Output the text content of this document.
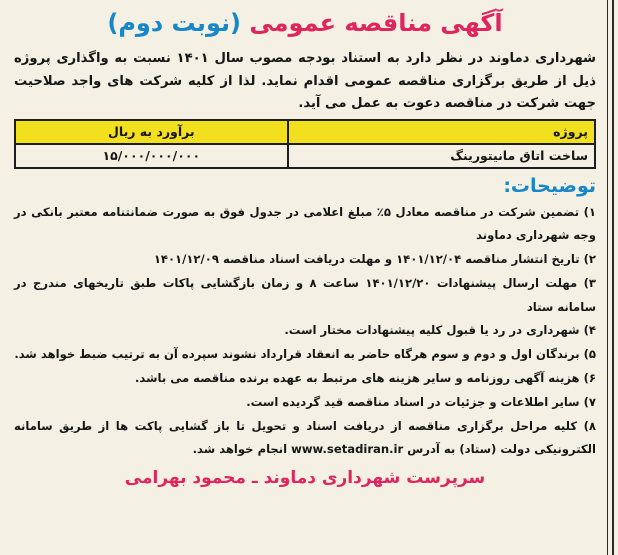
آگهی مناقصه عمومی (نوبت دوم)

شهرداری دماوند در نظر دارد به استناد بودجه مصوب سال ۱۴۰۱ نسبت به واگذاری پروژه ذیل از طریق برگزاری مناقصه عمومی اقدام نماید. لذا از کلیه شرکت های واجد صلاحیت جهت شرکت در مناقصه دعوت به عمل می آید.

پروژه	برآورد به ریال
ساخت اتاق مانیتورینگ	۱۵/۰۰۰/۰۰۰/۰۰۰
توضیحات:
۱) تضمین شرکت در مناقصه معادل ۵٪ مبلغ اعلامی در جدول فوق به صورت ضمانتنامه معتبر بانکی در وجه شهرداری دماوند
۲) تاریخ انتشار مناقصه ۱۴۰۱/۱۲/۰۴ و مهلت دریافت اسناد مناقصه ۱۴۰۱/۱۲/۰۹
۳) مهلت ارسال پیشنهادات ۱۴۰۱/۱۲/۲۰ ساعت ۸ و زمان بازگشایی پاکات طبق تاریخهای مندرج در سامانه ستاد
۴) شهرداری در رد یا قبول کلیه پیشنهادات مختار است.
۵) برندگان اول و دوم و سوم هرگاه حاضر به انعقاد قرارداد نشوند سپرده آن به ترتیب ضبط خواهد شد.
۶) هزینه آگهی روزنامه و سایر هزینه های مرتبط به عهده برنده مناقصه می باشد.
۷) سایر اطلاعات و جزئیات در اسناد مناقصه قید گردیده است.
۸) کلیه مراحل برگزاری مناقصه از دریافت اسناد و تحویل تا باز گشایی پاکت ها از طریق سامانه الکترونیکی دولت (ستاد) به آدرس www.setadiran.ir انجام خواهد شد.
سرپرست شهرداری دماوند ـ محمود بهرامی
